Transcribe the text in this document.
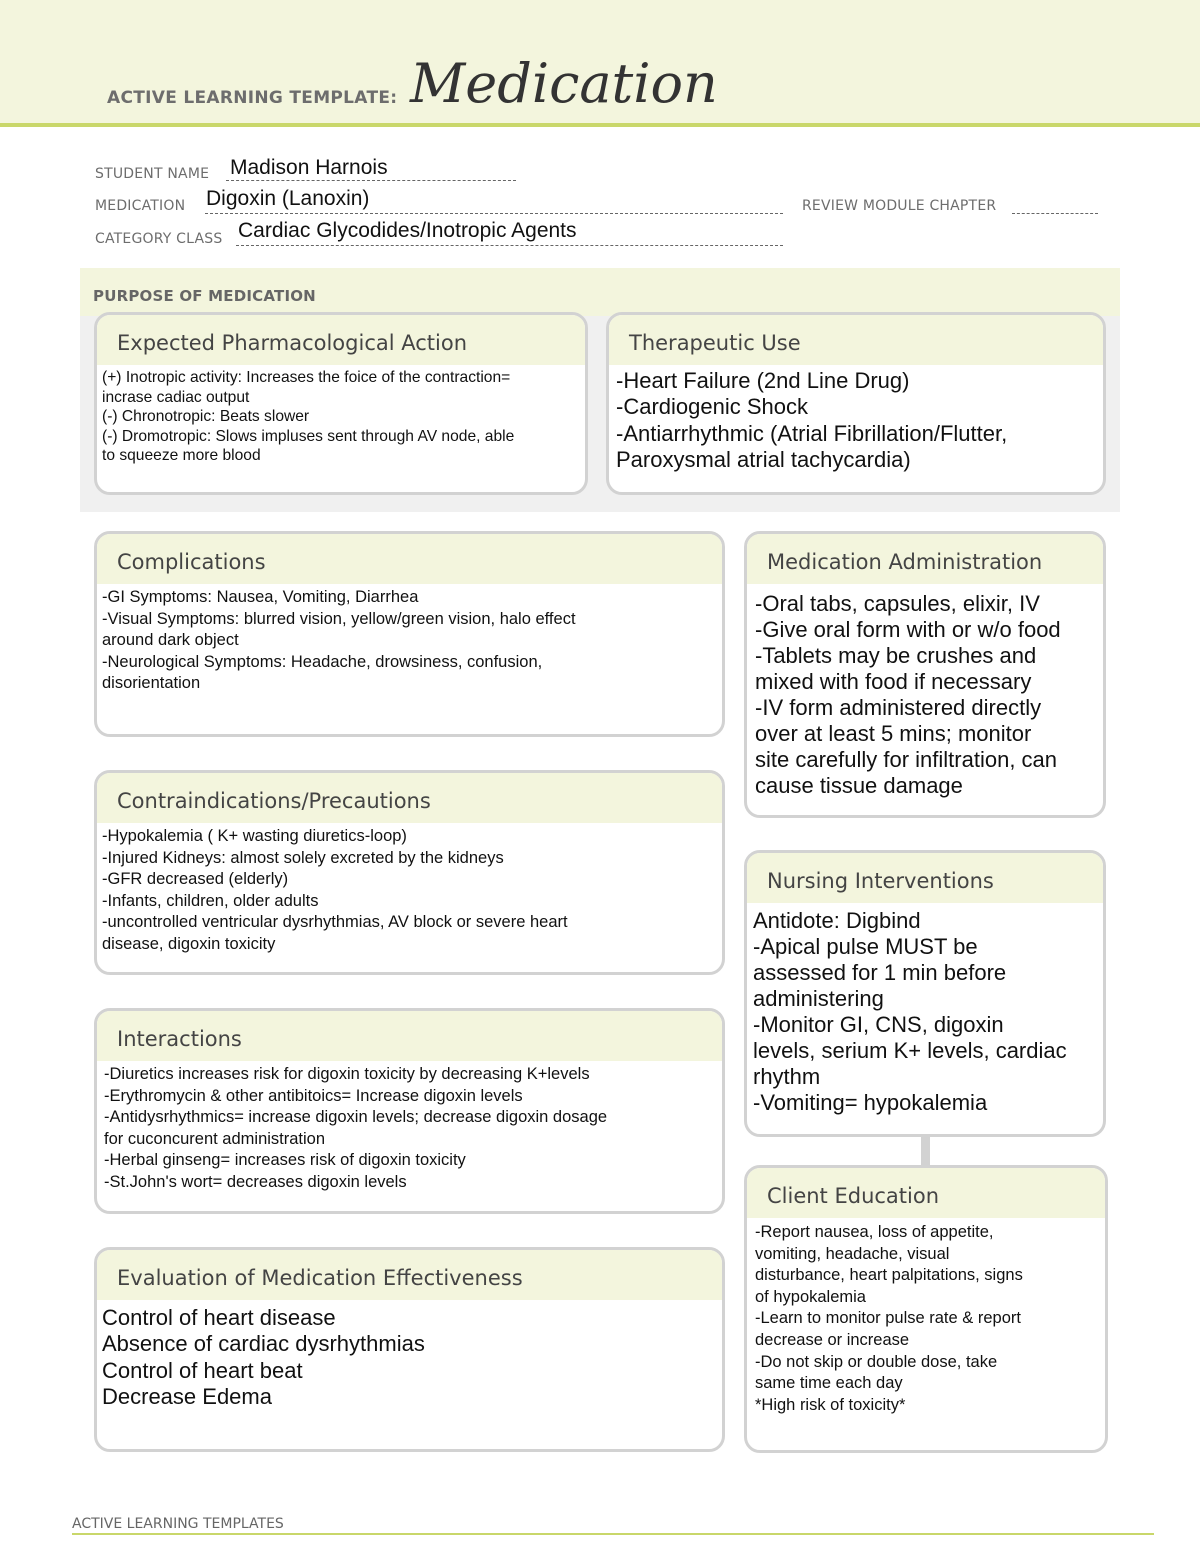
ACTIVE LEARNING TEMPLATE: Medication
STUDENT NAME Madison Harnois
MEDICATION Digoxin (Lanoxin)	REVIEW MODULE CHAPTER
CATEGORY CLASS Cardiac Glycodides/Inotropic Agents
PURPOSE OF MEDICATION
Expected Pharmacological Action
(+) Inotropic activity: Increases the foice of the contraction=
incrase cadiac output
(-) Chronotropic: Beats slower
(-) Dromotropic: Slows impluses sent through AV node, able
to squeeze more blood
Therapeutic Use
-Heart Failure (2nd Line Drug)
-Cardiogenic Shock
-Antiarrhythmic (Atrial Fibrillation/Flutter,
Paroxysmal atrial tachycardia)
Complications
-GI Symptoms: Nausea, Vomiting, Diarrhea
-Visual Symptoms: blurred vision, yellow/green vision, halo effect
around dark object
-Neurological Symptoms: Headache, drowsiness, confusion,
disorientation
Contraindications/Precautions
-Hypokalemia ( K+ wasting diuretics-loop)
-Injured Kidneys: almost solely excreted by the kidneys
-GFR decreased (elderly)
-Infants, children, older adults
-uncontrolled ventricular dysrhythmias, AV block or severe heart
disease, digoxin toxicity
Interactions
-Diuretics increases risk for digoxin toxicity by decreasing K+levels
-Erythromycin & other antibitoics= Increase digoxin levels
-Antidysrhythmics= increase digoxin levels; decrease digoxin dosage
for cuconcurent administration
-Herbal ginseng= increases risk of digoxin toxicity
-St.John's wort= decreases digoxin levels
Evaluation of Medication Effectiveness
Control of heart disease
Absence of cardiac dysrhythmias
Control of heart beat
Decrease Edema
Medication Administration
-Oral tabs, capsules, elixir, IV
-Give oral form with or w/o food
-Tablets may be crushes and
mixed with food if necessary
-IV form administered directly
over at least 5 mins; monitor
site carefully for infiltration, can
cause tissue damage
Nursing Interventions
Antidote: Digbind
-Apical pulse MUST be
assessed for 1 min before
administering
-Monitor GI, CNS, digoxin
levels, serium K+ levels, cardiac
rhythm
-Vomiting= hypokalemia
Client Education
-Report nausea, loss of appetite,
vomiting, headache, visual
disturbance, heart palpitations, signs
of hypokalemia
-Learn to monitor pulse rate & report
decrease or increase
-Do not skip or double dose, take
same time each day
*High risk of toxicity*
ACTIVE LEARNING TEMPLATES
